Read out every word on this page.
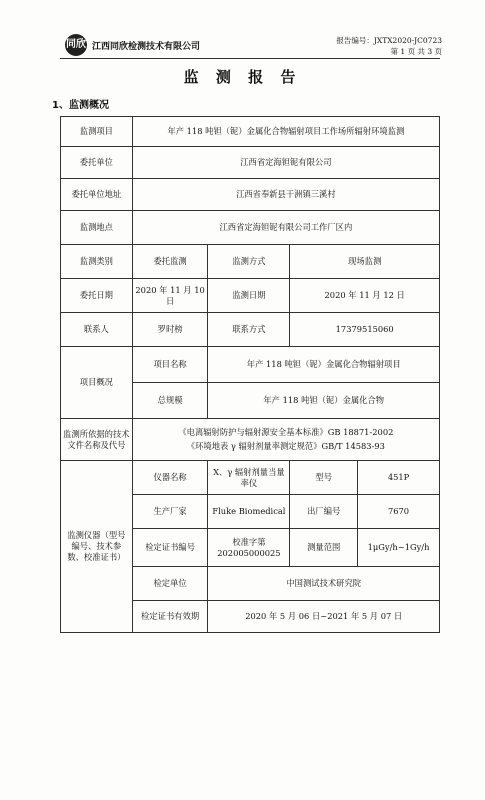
同欣 江西同欣检测技术有限公司
报告编号：JXTX2020-JC0723
第 1 页 共 3 页
监 测 报 告
1、监测概况
监测项目	年产 118 吨钽（铌）金属化合物辐射项目工作场所辐射环境监测			
委托单位	江西省定海钽铌有限公司			
委托单位地址	江西省奉新县干洲镇三溪村			
监测地点	江西省定海钽铌有限公司工作厂区内			
监测类别	委托监测	监测方式	现场监测	
委托日期	2020 年 11 月 10 日	监测日期	2020 年 11 月 12 日	
联系人	罗时榜	联系方式	17379515060	
项目概况	项目名称	年产 118 吨钽（铌）金属化合物辐射项目		
	总规模	年产 118 吨钽（铌）金属化合物		
监测所依据的技术文件名称及代号	《电离辐射防护与辐射源安全基本标准》GB 18871-2002
《环境地表 γ 辐射剂量率测定规范》GB/T 14583-93			

监测仪器（型号编号、技术参数、校准证书）	仪器名称	X、γ 辐射剂量当量率仪	型号	451P
	生产厂家	Fluke Biomedical	出厂编号	7670
	检定证书编号	校准字第 202005000025	测量范围	1μGy/h~1Gy/h
	检定单位	中国测试技术研究院		
	检定证书有效期	2020 年 5 月 06 日~2021 年 5 月 07 日		
